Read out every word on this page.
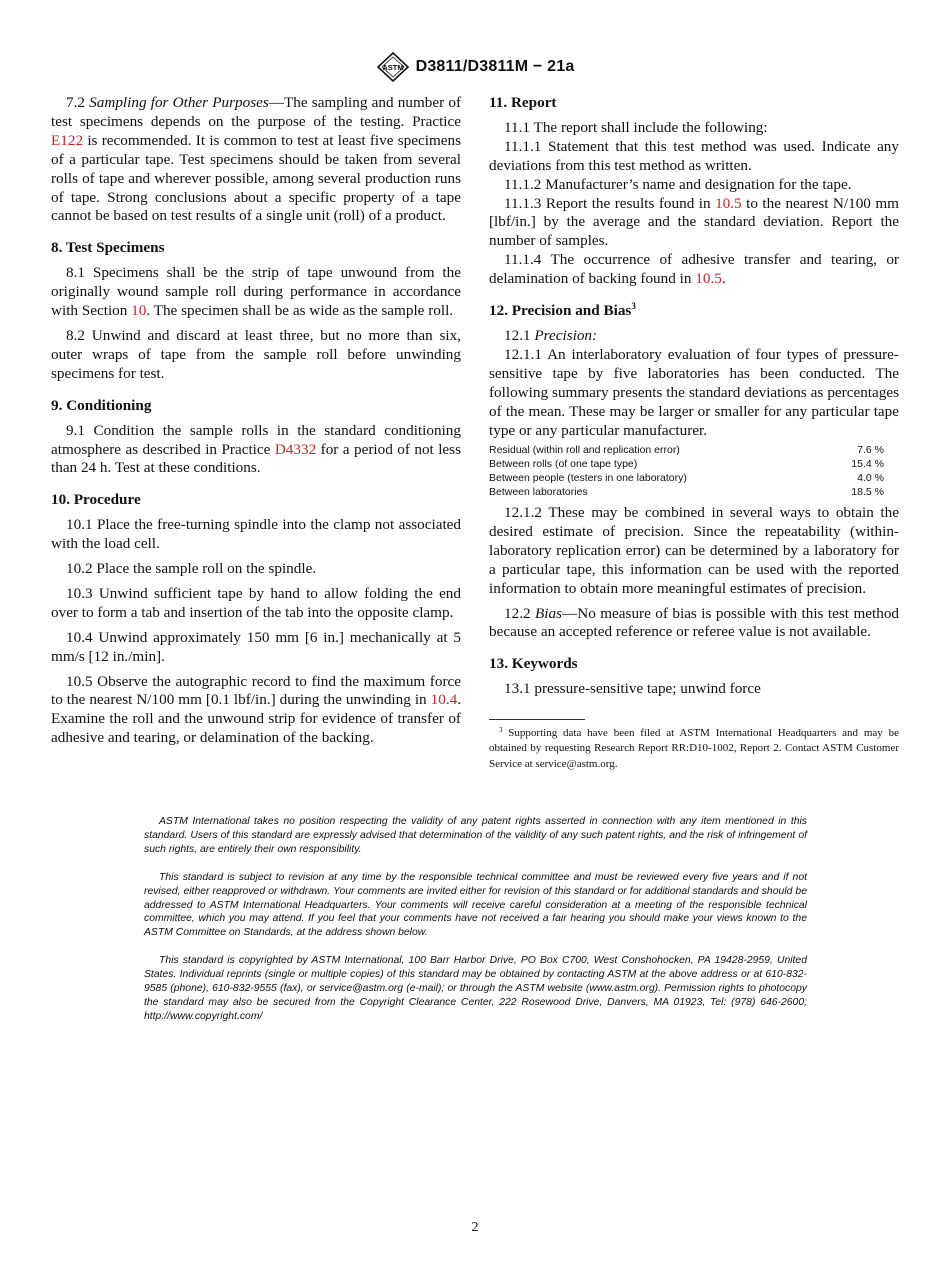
ASTM D3811/D3811M − 21a

7.2 Sampling for Other Purposes—The sampling and number of test specimens depends on the purpose of the testing. Practice E122 is recommended. It is common to test at least five specimens of a particular tape. Test specimens should be taken from several rolls of tape and wherever possible, among several production runs of tape. Strong conclusions about a specific property of a tape cannot be based on test results of a single unit (roll) of a product.

8. Test Specimens

8.1 Specimens shall be the strip of tape unwound from the originally wound sample roll during performance in accordance with Section 10. The specimen shall be as wide as the sample roll.

8.2 Unwind and discard at least three, but no more than six, outer wraps of tape from the sample roll before unwinding specimens for test.

9. Conditioning

9.1 Condition the sample rolls in the standard conditioning atmosphere as described in Practice D4332 for a period of not less than 24 h. Test at these conditions.

10. Procedure

10.1 Place the free-turning spindle into the clamp not associated with the load cell.

10.2 Place the sample roll on the spindle.

10.3 Unwind sufficient tape by hand to allow folding the end over to form a tab and insertion of the tab into the opposite clamp.

10.4 Unwind approximately 150 mm [6 in.] mechanically at 5 mm/s [12 in./min].

10.5 Observe the autographic record to find the maximum force to the nearest N/100 mm [0.1 lbf/in.] during the unwinding in 10.4. Examine the roll and the unwound strip for evidence of transfer of adhesive and tearing, or delamination of the backing.

11. Report

11.1 The report shall include the following:

11.1.1 Statement that this test method was used. Indicate any deviations from this test method as written.

11.1.2 Manufacturer’s name and designation for the tape.

11.1.3 Report the results found in 10.5 to the nearest N/100 mm [lbf/in.] by the average and the standard deviation. Report the number of samples.

11.1.4 The occurrence of adhesive transfer and tearing, or delamination of backing found in 10.5.

12. Precision and Bias$^3$

12.1 Precision:

12.1.1 An interlaboratory evaluation of four types of pressure-sensitive tape by five laboratories has been conducted. The following summary presents the standard deviations as percentages of the mean. These may be larger or smaller for any particular tape type or any particular manufacturer.

Residual (within roll and replication error)	7.6 %
Between rolls (of one tape type)	15.4 %
Between people (testers in one laboratory)	4.0 %
Between laboratories	18.5 %

12.1.2 These may be combined in several ways to obtain the desired estimate of precision. Since the repeatability (within-laboratory replication error) can be determined by a laboratory for a particular tape, this information can be used with the reported information to obtain more meaningful estimates of precision.

12.2 Bias—No measure of bias is possible with this test method because an accepted reference or referee value is not available.

13. Keywords

13.1 pressure-sensitive tape; unwind force

$^3$ Supporting data have been filed at ASTM International Headquarters and may be obtained by requesting Research Report RR:D10-1002, Report 2. Contact ASTM Customer Service at service@astm.org.

ASTM International takes no position respecting the validity of any patent rights asserted in connection with any item mentioned in this standard. Users of this standard are expressly advised that determination of the validity of any such patent rights, and the risk of infringement of such rights, are entirely their own responsibility.

This standard is subject to revision at any time by the responsible technical committee and must be reviewed every five years and if not revised, either reapproved or withdrawn. Your comments are invited either for revision of this standard or for additional standards and should be addressed to ASTM International Headquarters. Your comments will receive careful consideration at a meeting of the responsible technical committee, which you may attend. If you feel that your comments have not received a fair hearing you should make your views known to the ASTM Committee on Standards, at the address shown below.

This standard is copyrighted by ASTM International, 100 Barr Harbor Drive, PO Box C700, West Conshohocken, PA 19428-2959, United States. Individual reprints (single or multiple copies) of this standard may be obtained by contacting ASTM at the above address or at 610-832-9585 (phone), 610-832-9555 (fax), or service@astm.org (e-mail); or through the ASTM website (www.astm.org). Permission rights to photocopy the standard may also be secured from the Copyright Clearance Center, 222 Rosewood Drive, Danvers, MA 01923, Tel: (978) 646-2600; http://www.copyright.com/

2
